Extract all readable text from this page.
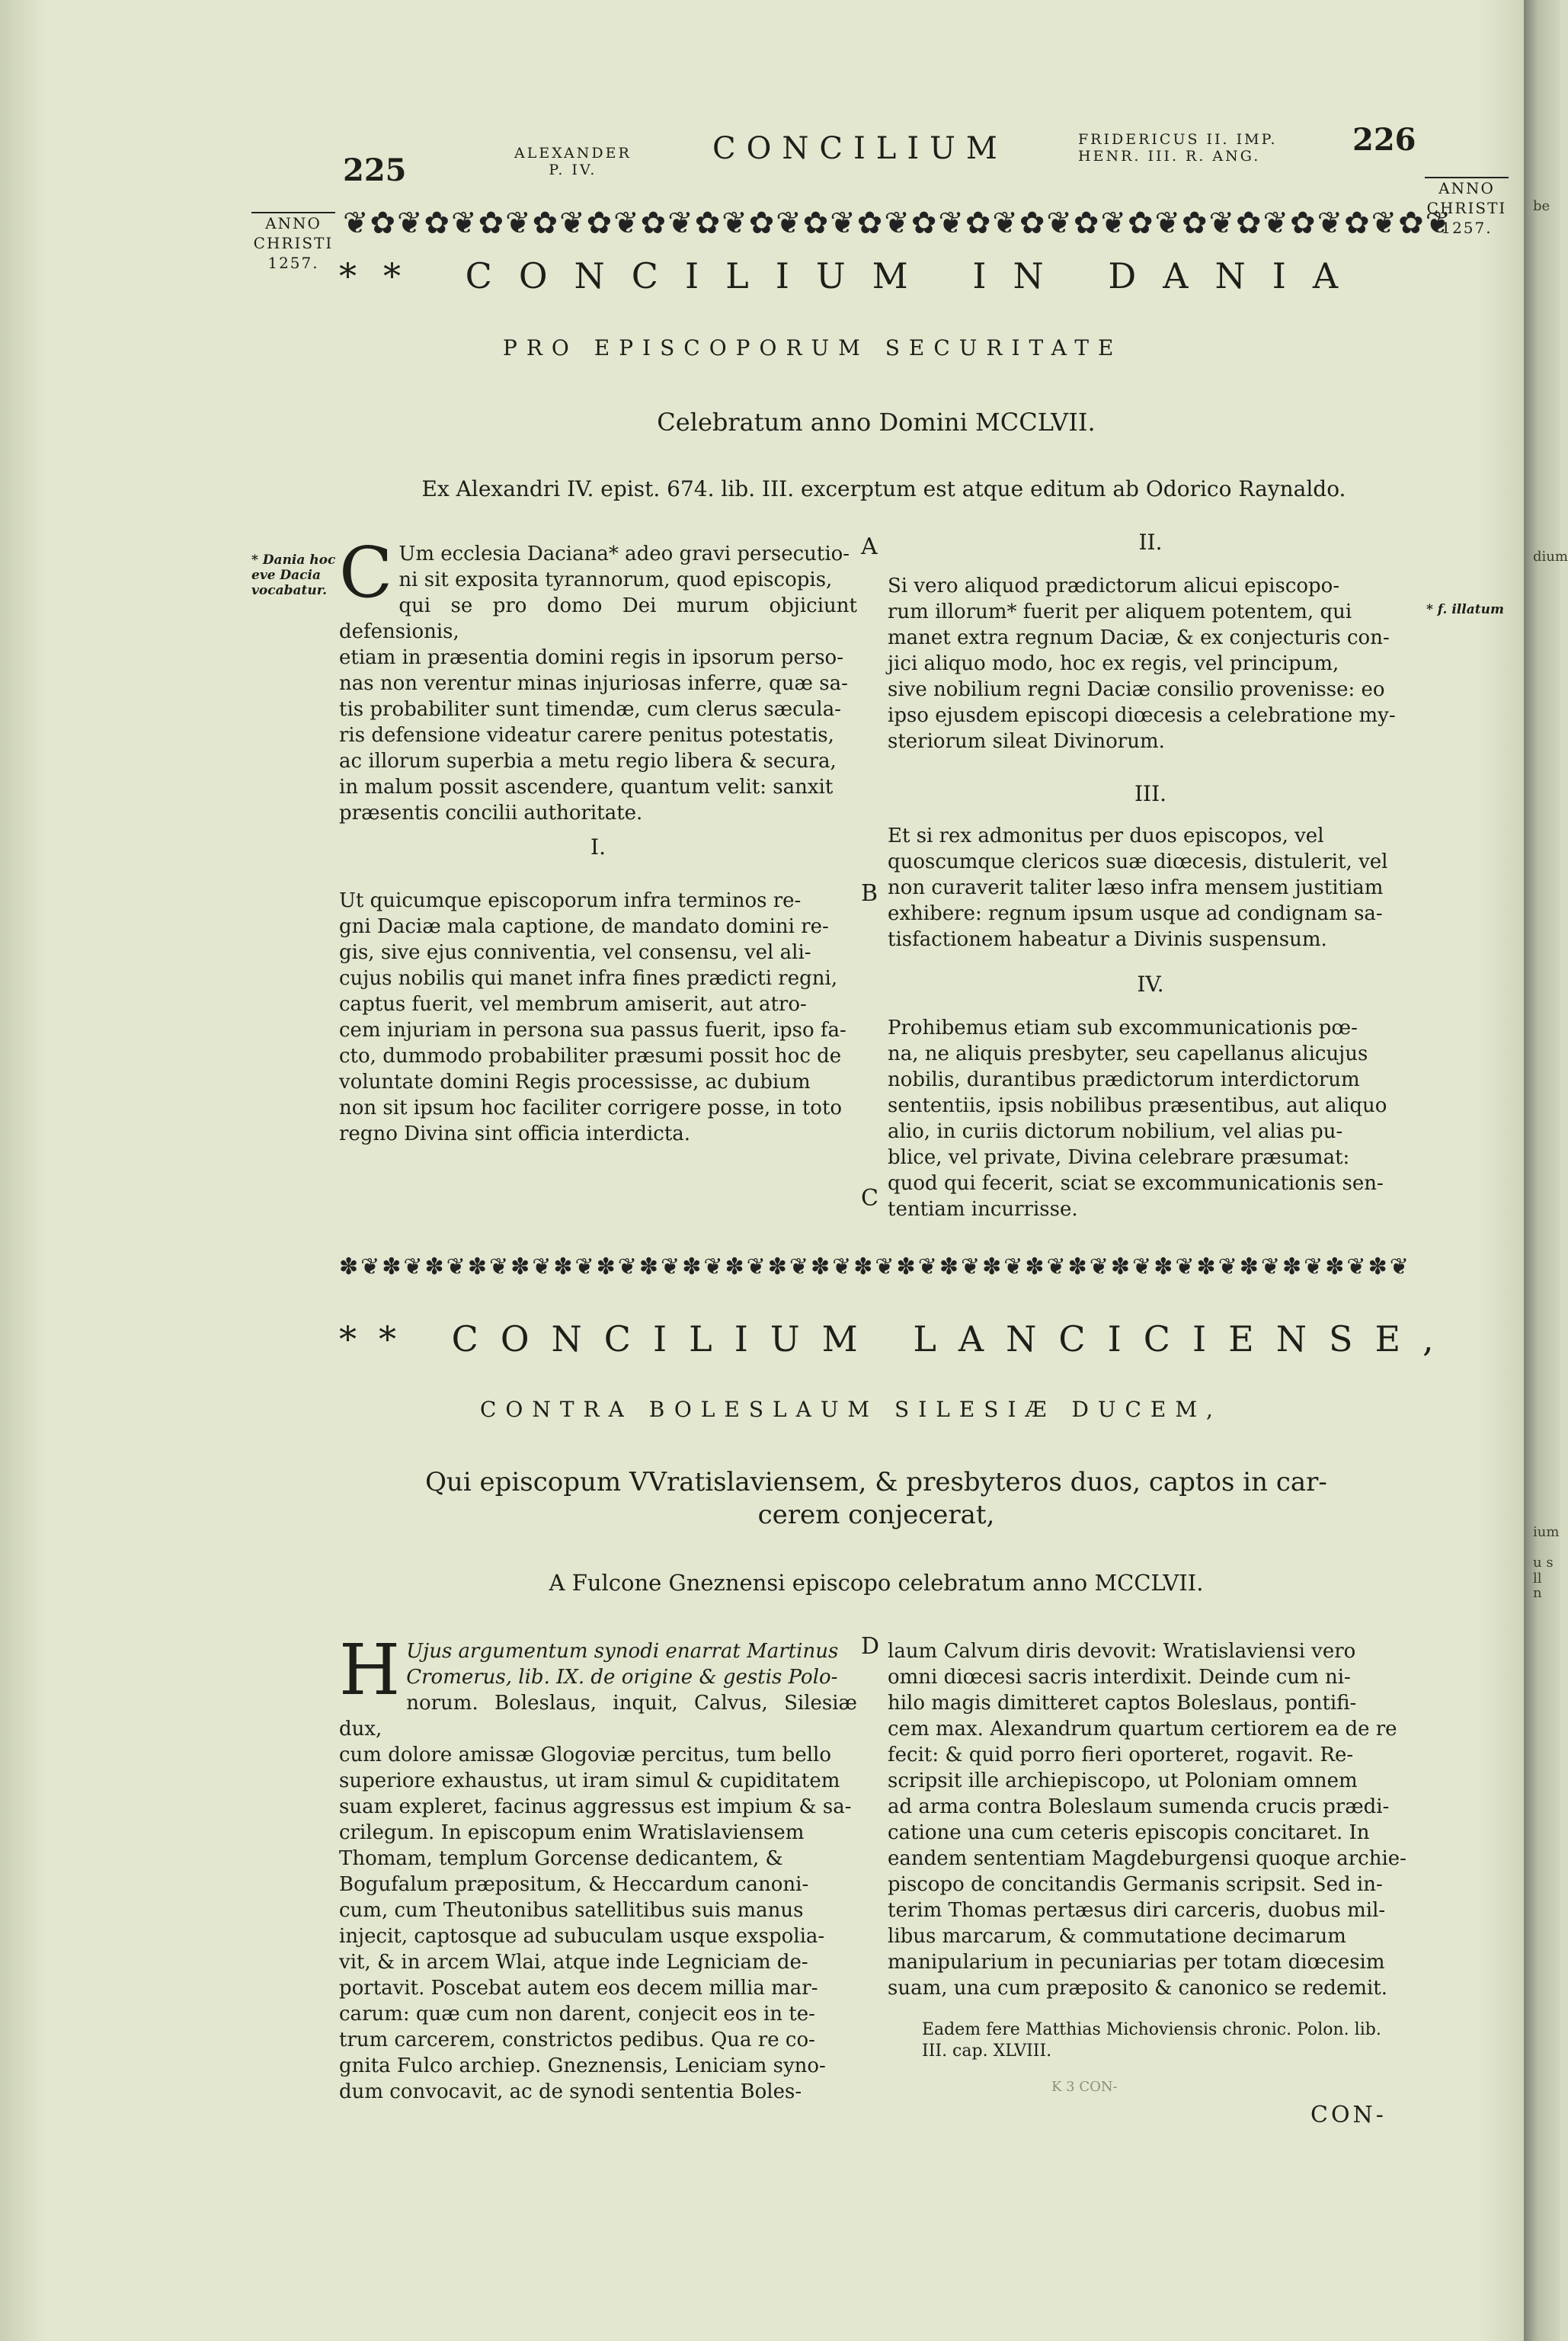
be
dium
ium
u s ll
n
225	ALEXANDER
P. IV.
CONCILIUM	FRIDERICUS II. IMP.
HENR. III. R. ANG.	226
ANNO
CHRISTI
1257.
ANNO
CHRISTI
1257.
❦✿❦✿❦✿❦✿❦✿❦✿❦✿❦✿❦✿❦✿❦✿❦✿❦✿❦✿❦✿❦✿❦✿❦✿❦✿❦✿❦
** CONCILIUM IN DANIA
PRO EPISCOPORUM SECURITATE
Celebratum anno Domini MCCLVII.
Ex Alexandri IV. epist. 674. lib. III. excerptum est atque editum ab Odorico Raynaldo.
* Dania hoc
eve Dacia
vocabatur.
* f. illatum
A
B
C
C Um ecclesia Daciana* adeo gravi persecutio-
ni sit exposita tyrannorum, quod episcopis,
qui se pro domo Dei murum objiciunt defensionis,
etiam in præsentia domini regis in ipsorum perso-
nas non verentur minas injuriosas inferre, quæ sa-
tis probabiliter sunt timendæ, cum clerus sæcula-
ris defensione videatur carere penitus potestatis,
ac illorum superbia a metu regio libera & secura,
in malum possit ascendere, quantum velit: sanxit
præsentis concilii authoritate.
I.
Ut quicumque episcoporum infra terminos re-
gni Daciæ mala captione, de mandato domini re-
gis, sive ejus conniventia, vel consensu, vel ali-
cujus nobilis qui manet infra fines prædicti regni,
captus fuerit, vel membrum amiserit, aut atro-
cem injuriam in persona sua passus fuerit, ipso fa-
cto, dummodo probabiliter præsumi possit hoc de
voluntate domini Regis processisse, ac dubium
non sit ipsum hoc faciliter corrigere posse, in toto
regno Divina sint officia interdicta.
II.
Si vero aliquod prædictorum alicui episcopo-
rum illorum* fuerit per aliquem potentem, qui
manet extra regnum Daciæ, & ex conjecturis con-
jici aliquo modo, hoc ex regis, vel principum,
sive nobilium regni Daciæ consilio provenisse: eo
ipso ejusdem episcopi diœcesis a celebratione my-
steriorum sileat Divinorum.
III.
Et si rex admonitus per duos episcopos, vel
quoscumque clericos suæ diœcesis, distulerit, vel
non curaverit taliter læso infra mensem justitiam
exhibere: regnum ipsum usque ad condignam sa-
tisfactionem habeatur a Divinis suspensum.
IV.
Prohibemus etiam sub excommunicationis pœ-
na, ne aliquis presbyter, seu capellanus alicujus
nobilis, durantibus prædictorum interdictorum
sententiis, ipsis nobilibus præsentibus, aut aliquo
alio, in curiis dictorum nobilium, vel alias pu-
blice, vel private, Divina celebrare præsumat:
quod qui fecerit, sciat se excommunicationis sen-
tentiam incurrisse.
✽❦✽❦✽❦✽❦✽❦✽❦✽❦✽❦✽❦✽❦✽❦✽❦✽❦✽❦✽❦✽❦✽❦✽❦✽❦✽❦✽❦✽❦✽❦✽❦✽❦
** CONCILIUM LANCICIENSE,
CONTRA BOLESLAUM SILESIÆ DUCEM,
Qui episcopum VVratislaviensem, & presbyteros duos, captos in car-
cerem conjecerat,
A Fulcone Gneznensi episcopo celebratum anno MCCLVII.
D
H Ujus argumentum synodi enarrat Martinus
Cromerus, lib. IX. de origine & gestis Polo-
norum. Boleslaus, inquit, Calvus, Silesiæ dux,
cum dolore amissæ Glogoviæ percitus, tum bello
superiore exhaustus, ut iram simul & cupiditatem
suam expleret, facinus aggressus est impium & sa-
crilegum. In episcopum enim Wratislaviensem
Thomam, templum Gorcense dedicantem, &
Bogufalum præpositum, & Heccardum canoni-
cum, cum Theutonibus satellitibus suis manus
injecit, captosque ad subuculam usque exspolia-
vit, & in arcem Wlai, atque inde Legniciam de-
portavit. Poscebat autem eos decem millia mar-
carum: quæ cum non darent, conjecit eos in te-
trum carcerem, constrictos pedibus. Qua re co-
gnita Fulco archiep. Gneznensis, Leniciam syno-
dum convocavit, ac de synodi sententia Boles-
laum Calvum diris devovit: Wratislaviensi vero
omni diœcesi sacris interdixit. Deinde cum ni-
hilo magis dimitteret captos Boleslaus, pontifi-
cem max. Alexandrum quartum certiorem ea de re
fecit: & quid porro fieri oporteret, rogavit. Re-
scripsit ille archiepiscopo, ut Poloniam omnem
ad arma contra Boleslaum sumenda crucis prædi-
catione una cum ceteris episcopis concitaret. In
eandem sententiam Magdeburgensi quoque archie-
piscopo de concitandis Germanis scripsit. Sed in-
terim Thomas pertæsus diri carceris, duobus mil-
libus marcarum, & commutatione decimarum
manipularium in pecuniarias per totam diœcesim
suam, una cum præposito & canonico se redemit.
Eadem fere Matthias Michoviensis chronic. Polon. lib.
III. cap. XLVIII.
K 3 CON-
CON-
